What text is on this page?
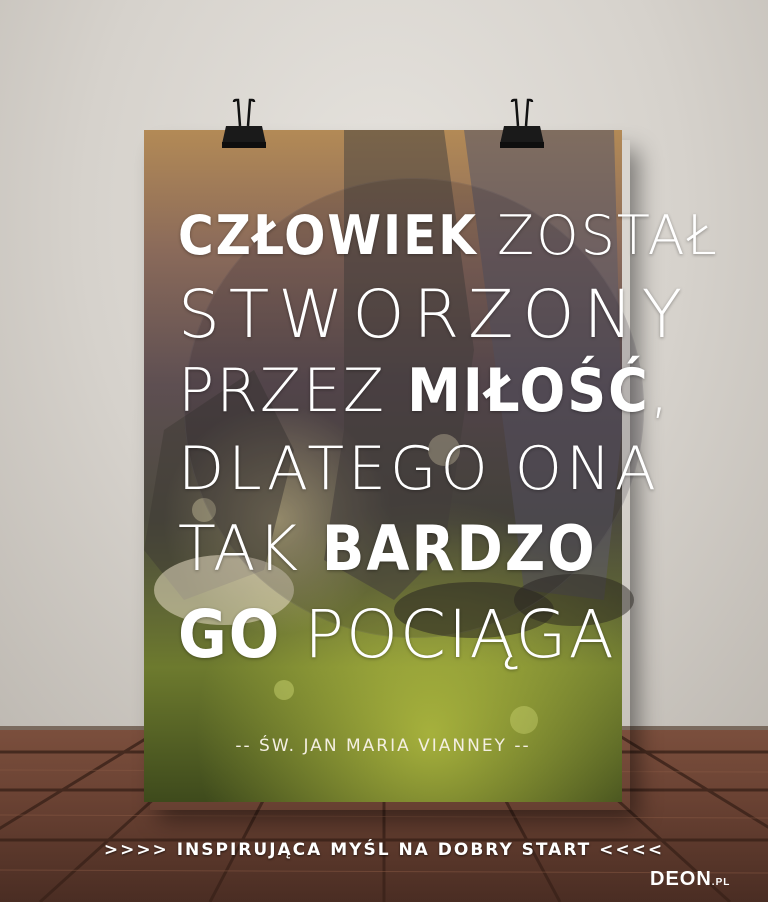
CZŁOWIEK ZOSTAŁ
STWORZONY
PRZEZ MIŁOŚĆ,
DLATEGO ONA
TAK BARDZO
GO POCIĄGA
-- ŚW. JAN MARIA VIANNEY --
>>>> INSPIRUJĄCA MYŚL NA DOBRY START <<<<
DEON.PL
